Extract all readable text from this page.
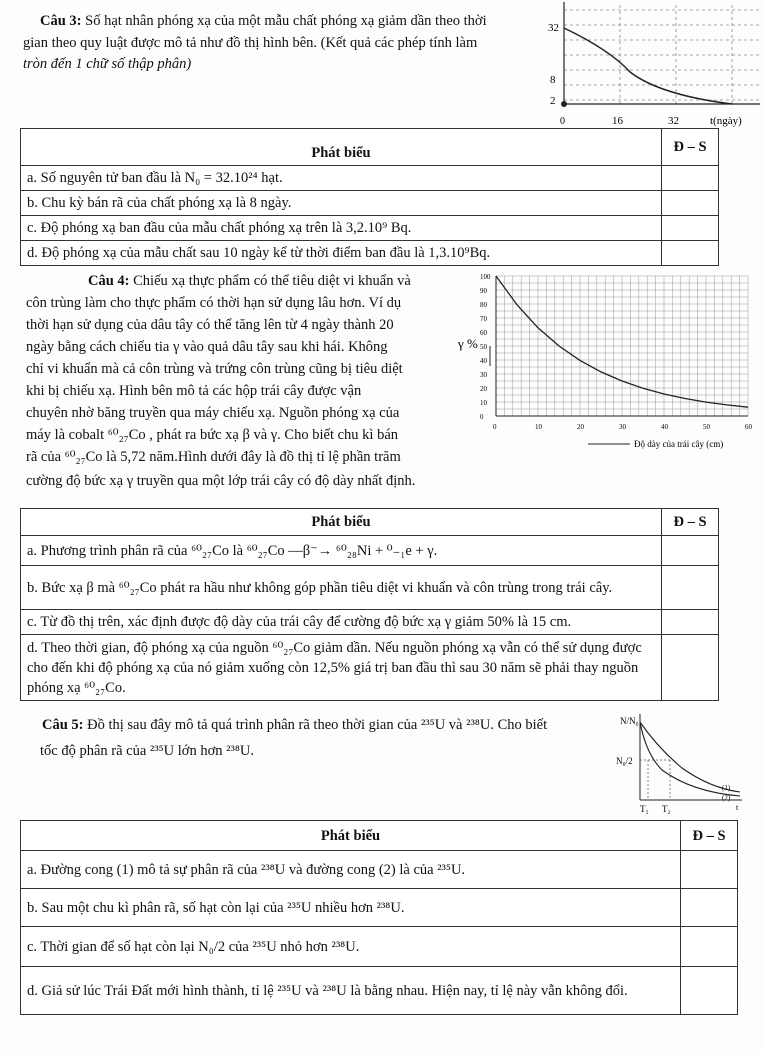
Câu 3: Số hạt nhân phóng xạ của một mẫu chất phóng xạ giảm dần theo thời
gian theo quy luật được mô tả như đồ thị hình bên. (Kết quả các phép tính làm
tròn đến 1 chữ số thập phân)
32
8
2
0	16	32	t(ngày)
Phát biểu	Đ – S
a. Số nguyên tử ban đầu là N₀ = 32.10²⁴ hạt.	
b. Chu kỳ bán rã của chất phóng xạ là 8 ngày.	
c. Độ phóng xạ ban đầu của mẫu chất phóng xạ trên là 3,2.10⁹ Bq.	
d. Độ phóng xạ của mẫu chất sau 10 ngày kể từ thời điểm ban đầu là 1,3.10⁹Bq.	
Câu 4: Chiếu xạ thực phẩm có thể tiêu diệt vi khuẩn và
côn trùng làm cho thực phẩm có thời hạn sử dụng lâu hơn. Ví dụ
thời hạn sử dụng của dâu tây có thể tăng lên từ 4 ngày thành 20
ngày bằng cách chiếu tia γ vào quả dâu tây sau khi hái. Không
chỉ vi khuẩn mà cả côn trùng và trứng côn trùng cũng bị tiêu diệt
khi bị chiếu xạ. Hình bên mô tả các hộp trái cây được vận
chuyên nhờ băng truyền qua máy chiếu xạ. Nguồn phóng xạ của
máy là cobalt ⁶⁰₂₇Co , phát ra bức xạ β và γ. Cho biết chu kì bán
rã của ⁶⁰₂₇Co là 5,72 năm.Hình dưới đây là đồ thị tỉ lệ phần trăm
cường độ bức xạ γ truyền qua một lớp trái cây có độ dày nhất định.
100
90
80
70
60
50
40
30
20
10
0
0	10	20	30	40	50	60
γ %
Độ dày của trái cây (cm)
Phát biểu	Đ – S
a. Phương trình phân rã của ⁶⁰₂₇Co là ⁶⁰₂₇Co —β⁻→ ⁶⁰₂₈Ni + ⁰₋₁e + γ.	
b. Bức xạ β mà ⁶⁰₂₇Co phát ra hầu như không góp phần tiêu diệt vi khuẩn và côn trùng trong trái cây.	
c. Từ đồ thị trên, xác định được độ dày của trái cây để cường độ bức xạ γ giảm 50% là 15 cm.	
d. Theo thời gian, độ phóng xạ của nguồn ⁶⁰₂₇Co giảm dần. Nếu nguồn phóng xạ vẫn có thể sử dụng được cho đến khi độ phóng xạ của nó giảm xuống còn 12,5% giá trị ban đầu thì sau 30 năm sẽ phải thay nguồn phóng xạ ⁶⁰₂₇Co.	
Câu 5: Đồ thị sau đây mô tả quá trình phân rã theo thời gian của ²³⁵U và ²³⁸U. Cho biết
tốc độ phân rã của ²³⁵U lớn hơn ²³⁸U.
N/N₀
N₀/2
(1)
(2)
T₁ T₂	t
Phát biểu	Đ – S
a. Đường cong (1) mô tả sự phân rã của ²³⁸U và đường cong (2) là của ²³⁵U.	
b. Sau một chu kì phân rã, số hạt còn lại của ²³⁵U nhiều hơn ²³⁸U.	
c. Thời gian để số hạt còn lại N₀/2 của ²³⁵U nhỏ hơn ²³⁸U.	
d. Giả sử lúc Trái Đất mới hình thành, tỉ lệ ²³⁵U và ²³⁸U là bằng nhau. Hiện nay, tỉ lệ này vẫn không đổi.	
